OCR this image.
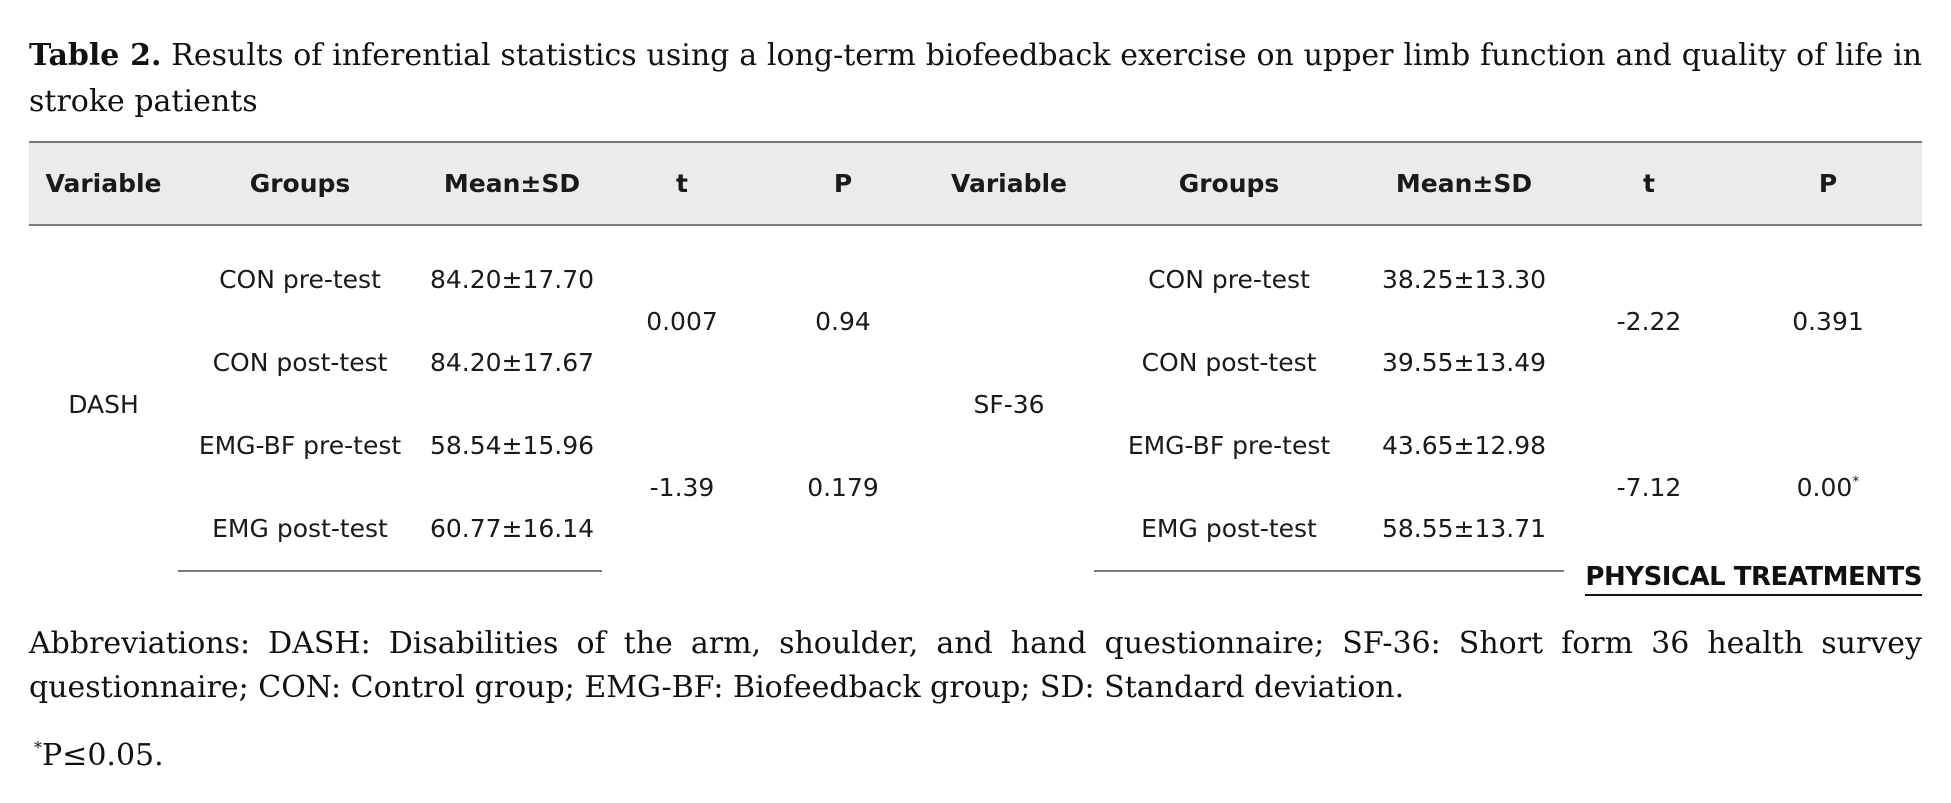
Table 2. Results of inferential statistics using a long-term biofeedback exercise on upper limb function and quality of life in stroke patients

Variable	Groups	Mean±SD	t	P	Variable	Groups	Mean±SD	t	P
DASH	CON pre-test	84.20±17.70	0.007	0.94	SF-36	CON pre-test	38.25±13.30	-2.22	0.391
	CON post-test	84.20±17.67				CON post-test	39.55±13.49		
	EMG-BF pre-test	58.54±15.96	-1.39	0.179		EMG-BF pre-test	43.65±12.98	-7.12	0.00*
	EMG post-test	60.77±16.14				EMG post-test	58.55±13.71		
PHYSICAL TREATMENTS

Abbreviations: DASH: Disabilities of the arm, shoulder, and hand questionnaire; SF-36: Short form 36 health survey questionnaire; CON: Control group; EMG-BF: Biofeedback group; SD: Standard deviation.

*P≤0.05.
